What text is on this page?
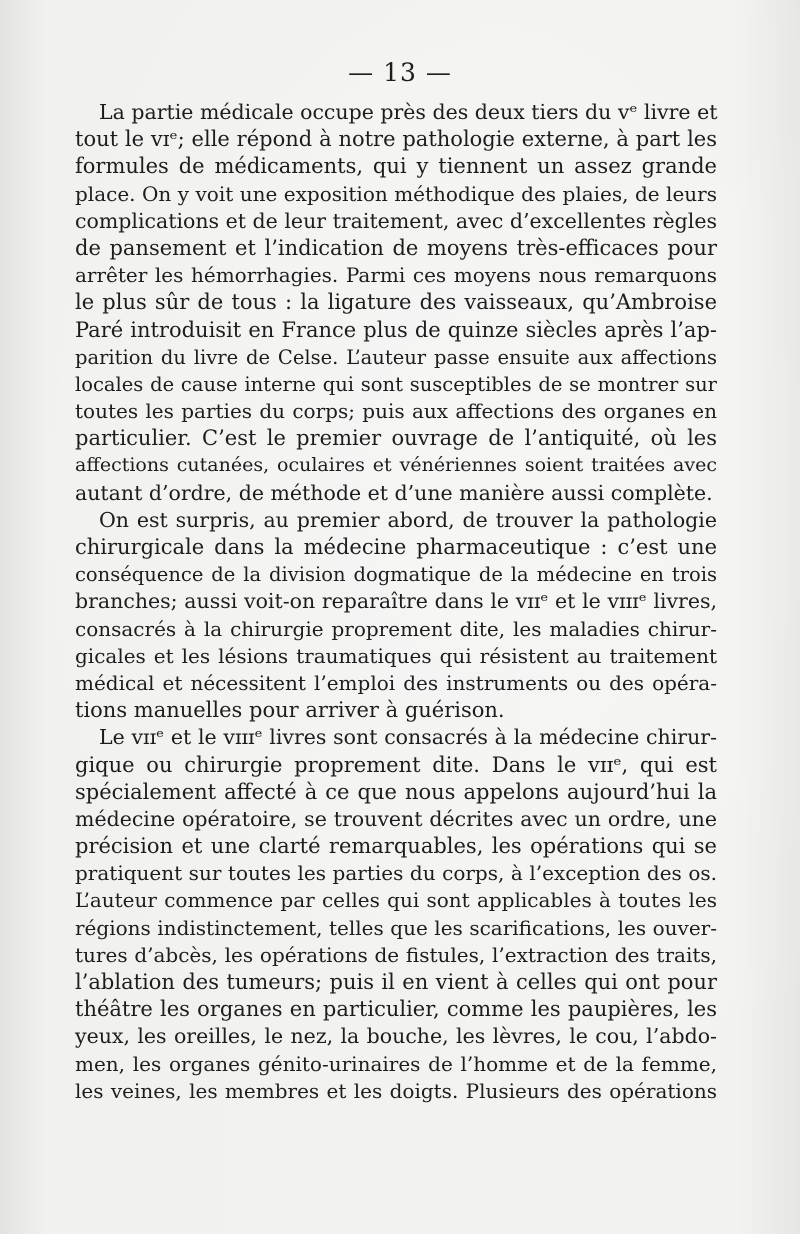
— 13 —
La partie médicale occupe près des deux tiers du vᵉ livre et
tout le vɪᵉ; elle répond à notre pathologie externe, à part les
formules de médicaments, qui y tiennent un assez grande
place. On y voit une exposition méthodique des plaies, de leurs
complications et de leur traitement, avec d’excellentes règles
de pansement et l’indication de moyens très-efficaces pour
arrêter les hémorrhagies. Parmi ces moyens nous remarquons
le plus sûr de tous : la ligature des vaisseaux, qu’Ambroise
Paré introduisit en France plus de quinze siècles après l’ap-
parition du livre de Celse. L’auteur passe ensuite aux affections
locales de cause interne qui sont susceptibles de se montrer sur
toutes les parties du corps; puis aux affections des organes en
particulier. C’est le premier ouvrage de l’antiquité, où les
affections cutanées, oculaires et vénériennes soient traitées avec
autant d’ordre, de méthode et d’une manière aussi complète.
On est surpris, au premier abord, de trouver la pathologie
chirurgicale dans la médecine pharmaceutique : c’est une
conséquence de la division dogmatique de la médecine en trois
branches; aussi voit-on reparaître dans le vɪɪᵉ et le vɪɪɪᵉ livres,
consacrés à la chirurgie proprement dite, les maladies chirur-
gicales et les lésions traumatiques qui résistent au traitement
médical et nécessitent l’emploi des instruments ou des opéra-
tions manuelles pour arriver à guérison.
Le vɪɪᵉ et le vɪɪɪᵉ livres sont consacrés à la médecine chirur-
gique ou chirurgie proprement dite. Dans le vɪɪᵉ, qui est
spécialement affecté à ce que nous appelons aujourd’hui la
médecine opératoire, se trouvent décrites avec un ordre, une
précision et une clarté remarquables, les opérations qui se
pratiquent sur toutes les parties du corps, à l’exception des os.
L’auteur commence par celles qui sont applicables à toutes les
régions indistinctement, telles que les scarifications, les ouver-
tures d’abcès, les opérations de fistules, l’extraction des traits,
l’ablation des tumeurs; puis il en vient à celles qui ont pour
théâtre les organes en particulier, comme les paupières, les
yeux, les oreilles, le nez, la bouche, les lèvres, le cou, l’abdo-
men, les organes génito-urinaires de l’homme et de la femme,
les veines, les membres et les doigts. Plusieurs des opérations
